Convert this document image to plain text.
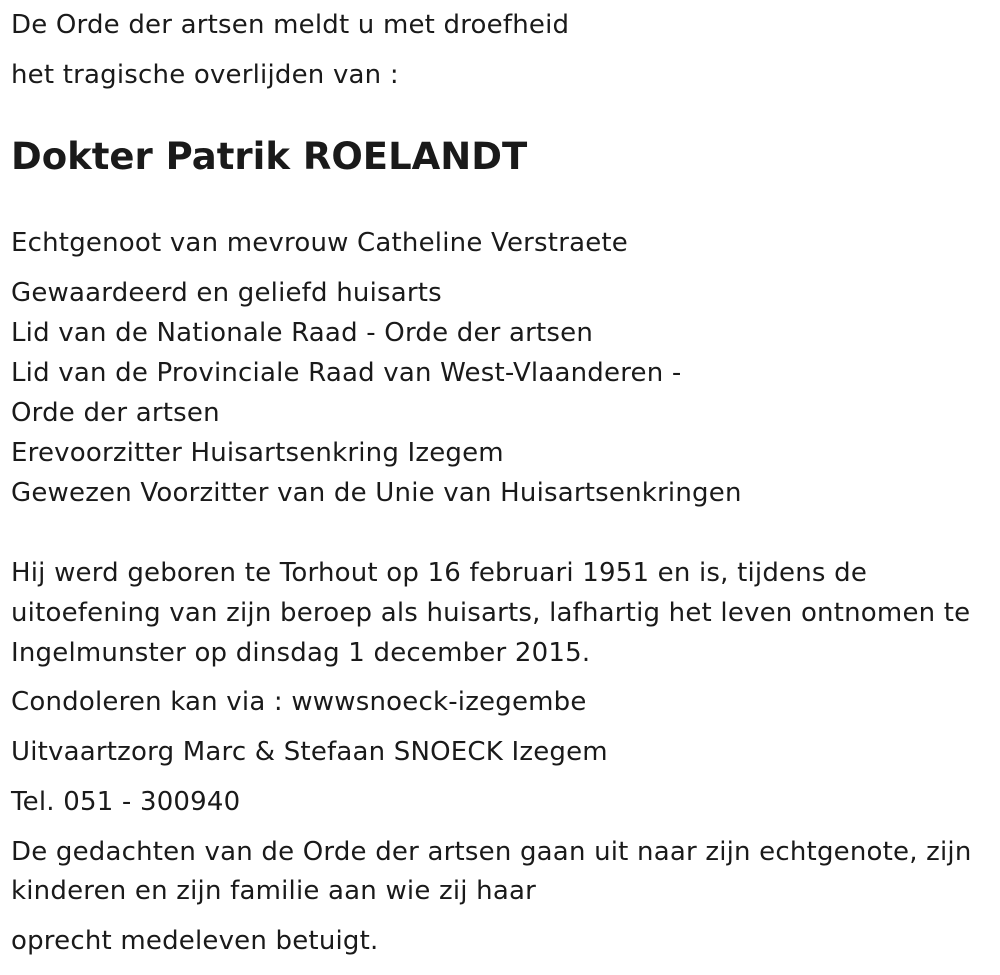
De Orde der artsen meldt u met droefheid
het tragische overlijden van :
Dokter Patrik ROELANDT
Echtgenoot van mevrouw Catheline Verstraete
Gewaardeerd en geliefd huisarts
Lid van de Nationale Raad - Orde der artsen
Lid van de Provinciale Raad van West-Vlaanderen -
Orde der artsen
Erevoorzitter Huisartsenkring Izegem
Gewezen Voorzitter van de Unie van Huisartsenkringen
Hij werd geboren te Torhout op 16 februari 1951 en is, tijdens de
uitoefening van zijn beroep als huisarts, lafhartig het leven ontnomen te
Ingelmunster op dinsdag 1 december 2015.
Condoleren kan via : wwwsnoeck-izegembe
Uitvaartzorg Marc & Stefaan SNOECK Izegem
Tel. 051 - 300940
De gedachten van de Orde der artsen gaan uit naar zijn echtgenote, zijn
kinderen en zijn familie aan wie zij haar
oprecht medeleven betuigt.
